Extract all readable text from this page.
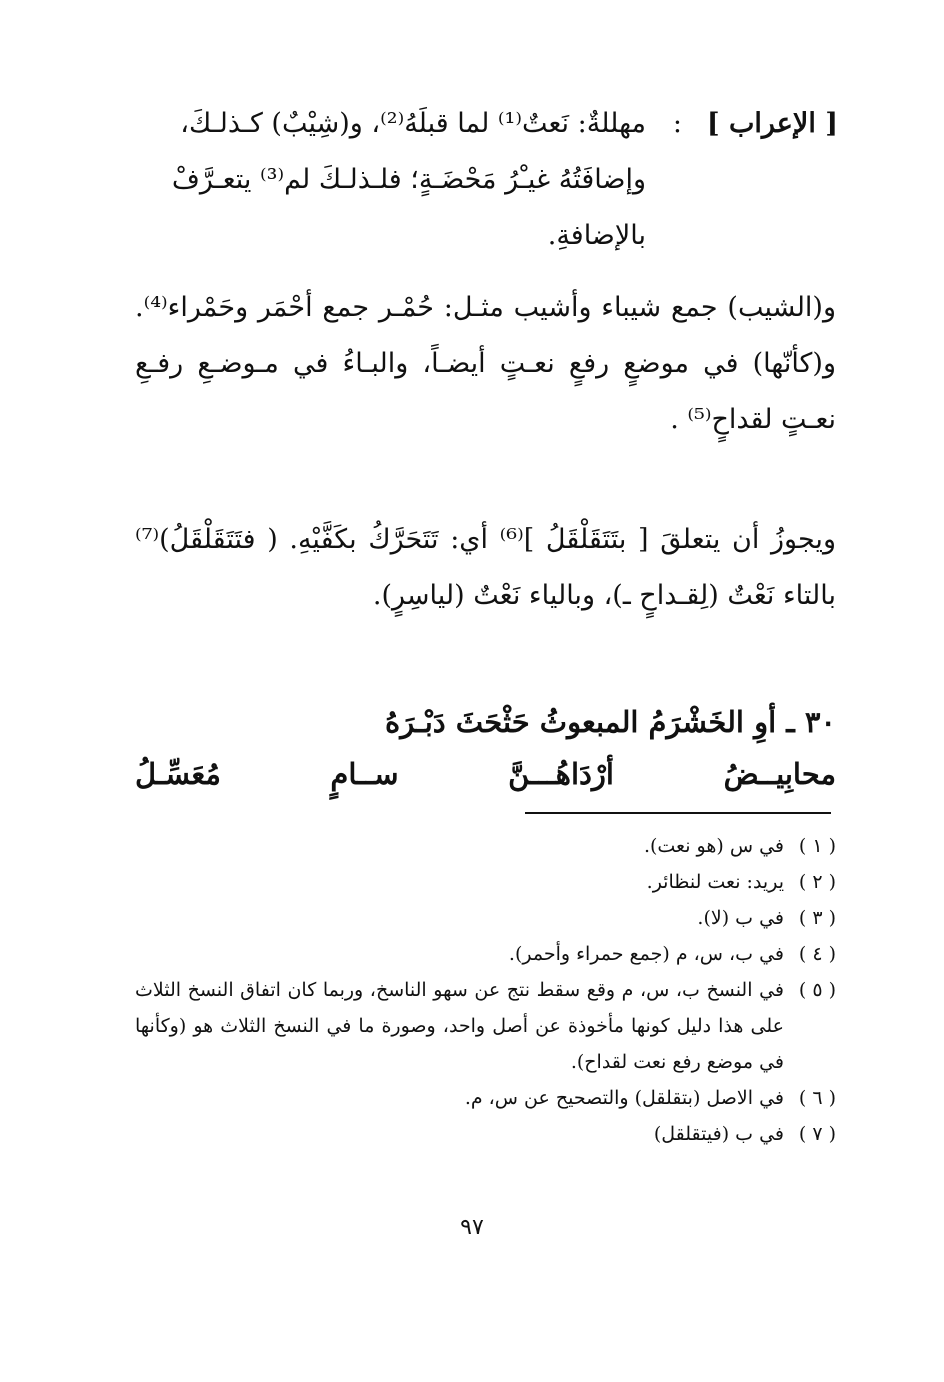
[ الإعراب ]
:

مهللةٌ: نَعتٌ⁽¹⁾ لما قبلَهُ⁽²⁾، و(شِيْبٌ) كـذلـكَ، وإضافَتُهُ غيـْرُ مَحْضَـةٍ؛ فلـذلـكَ لم⁽³⁾ يتعـرَّفْ بالإضافةِ.

و(الشيب) جمع شيباء وأشيب مثـل: حُمْـر جمع أحْمَر وحَمْراء⁽⁴⁾. و(كأنّها) في موضعٍ رفعٍ نعـتٍ أيضـاً، والبـاءُ في مـوضـعِ رفـعِ نعـتٍ لقداحٍ⁽⁵⁾ .

ويجوزُ أن يتعلقَ [ بتَتَقَلْقَلُ ]⁽⁶⁾ أي: تَتَحَرَّكُ بكَفَّيْهِ. ( فتَتَقَلْقَلُ)⁽⁷⁾ بالتاء نَعْتٌ (لِقـداحٍ ـ)، وبالياء نَعْتٌ (لياسِرٍ).

٣٠ ـ أوِ الخَشْرَمُ المبعوثُ حَثْحَثَ دَبْـرَهُ
محابِيــضُ أرْدَاهُـــنَّ ســامٍ مُعَسِّـلُ
( ١ )
في س (هو نعت).
( ٢ )
يريد: نعت لنظائر.
( ٣ )
في ب (لا).
( ٤ )
في ب، س، م (جمع حمراء وأحمر).
( ٥ )
في النسخ ب، س، م وقع سقط نتج عن سهو الناسخ، وربما كان اتفاق النسخ الثلاث على هذا دليل كونها مأخوذة عن أصل واحد، وصورة ما في النسخ الثلاث هو (وكأنها في موضع رفع نعت لقداح).
( ٦ )
في الاصل (بتقلقل) والتصحيح عن س، م.
( ٧ )
في ب (فيتقلقل)
٩٧
